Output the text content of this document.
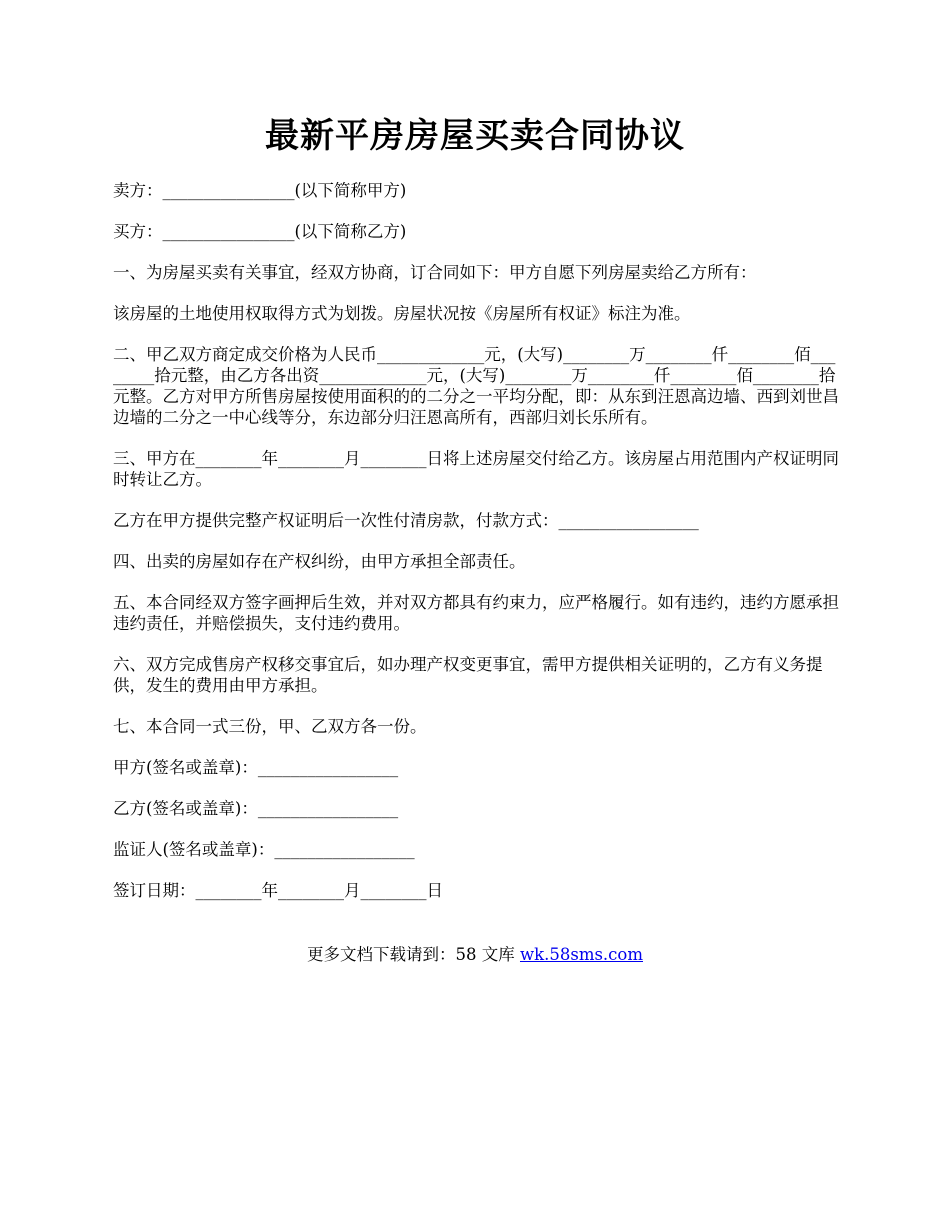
最新平房房屋买卖合同协议

卖方：________________(以下简称甲方)

买方：________________(以下简称乙方)

一、为房屋买卖有关事宜，经双方协商，订合同如下：甲方自愿下列房屋卖给乙方所有：

该房屋的土地使用权取得方式为划拨。房屋状况按《房屋所有权证》标注为准。

二、甲乙双方商定成交价格为人民币_____________元，(大写)________万________仟________佰________拾元整，由乙方各出资_____________元，(大写)________万________仟________佰________拾元整。乙方对甲方所售房屋按使用面积的的二分之一平均分配，即：从东到汪恩高边墙、西到刘世昌边墙的二分之一中心线等分，东边部分归汪恩高所有，西部归刘长乐所有。

三、甲方在________年________月________日将上述房屋交付给乙方。该房屋占用范围内产权证明同时转让乙方。

乙方在甲方提供完整产权证明后一次性付清房款，付款方式：_________________

四、出卖的房屋如存在产权纠纷，由甲方承担全部责任。

五、本合同经双方签字画押后生效，并对双方都具有约束力，应严格履行。如有违约，违约方愿承担违约责任，并赔偿损失，支付违约费用。

六、双方完成售房产权移交事宜后，如办理产权变更事宜，需甲方提供相关证明的，乙方有义务提供，发生的费用由甲方承担。

七、本合同一式三份，甲、乙双方各一份。

甲方(签名或盖章)：_________________

乙方(签名或盖章)：_________________

监证人(签名或盖章)：_________________

签订日期：________年________月________日

更多文档下载请到：58 文库 wk.58sms.com
